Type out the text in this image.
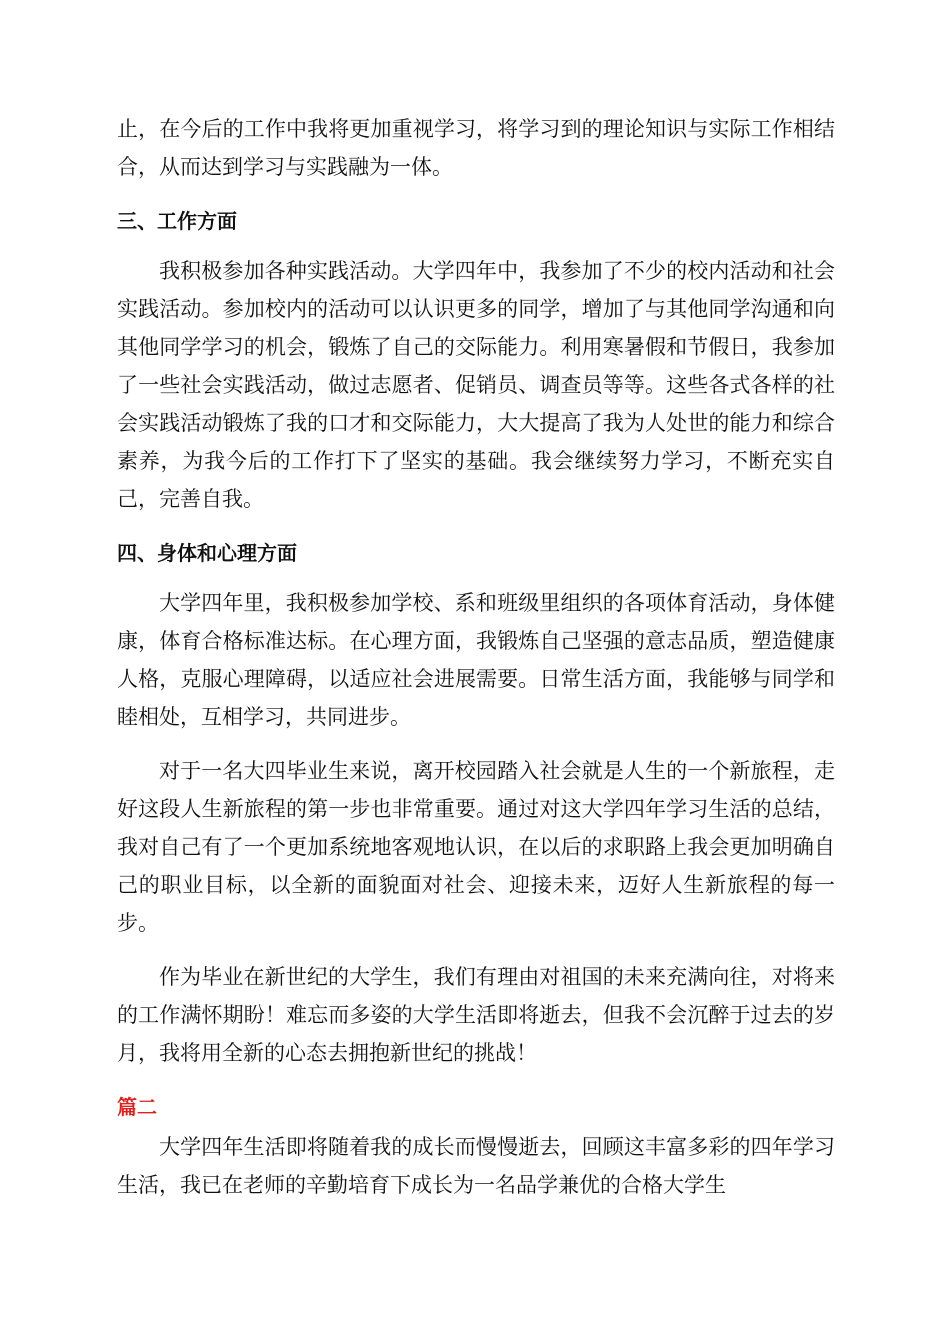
止，在今后的工作中我将更加重视学习，将学习到的理论知识与实际工作相结合，从而达到学习与实践融为一体。

三、工作方面

我积极参加各种实践活动。大学四年中，我参加了不少的校内活动和社会实践活动。参加校内的活动可以认识更多的同学，增加了与其他同学沟通和向其他同学学习的机会，锻炼了自己的交际能力。利用寒暑假和节假日，我参加了一些社会实践活动，做过志愿者、促销员、调查员等等。这些各式各样的社会实践活动锻炼了我的口才和交际能力，大大提高了我为人处世的能力和综合素养，为我今后的工作打下了坚实的基础。我会继续努力学习，不断充实自己，完善自我。

四、身体和心理方面

大学四年里，我积极参加学校、系和班级里组织的各项体育活动，身体健康，体育合格标准达标。在心理方面，我锻炼自己坚强的意志品质，塑造健康人格，克服心理障碍，以适应社会进展需要。日常生活方面，我能够与同学和睦相处，互相学习，共同进步。

对于一名大四毕业生来说，离开校园踏入社会就是人生的一个新旅程，走好这段人生新旅程的第一步也非常重要。通过对这大学四年学习生活的总结，我对自己有了一个更加系统地客观地认识，在以后的求职路上我会更加明确自己的职业目标，以全新的面貌面对社会、迎接未来，迈好人生新旅程的每一步。

作为毕业在新世纪的大学生，我们有理由对祖国的未来充满向往，对将来的工作满怀期盼！难忘而多姿的大学生活即将逝去，但我不会沉醉于过去的岁月，我将用全新的心态去拥抱新世纪的挑战！

篇二

大学四年生活即将随着我的成长而慢慢逝去，回顾这丰富多彩的四年学习生活，我已在老师的辛勤培育下成长为一名品学兼优的合格大学生
